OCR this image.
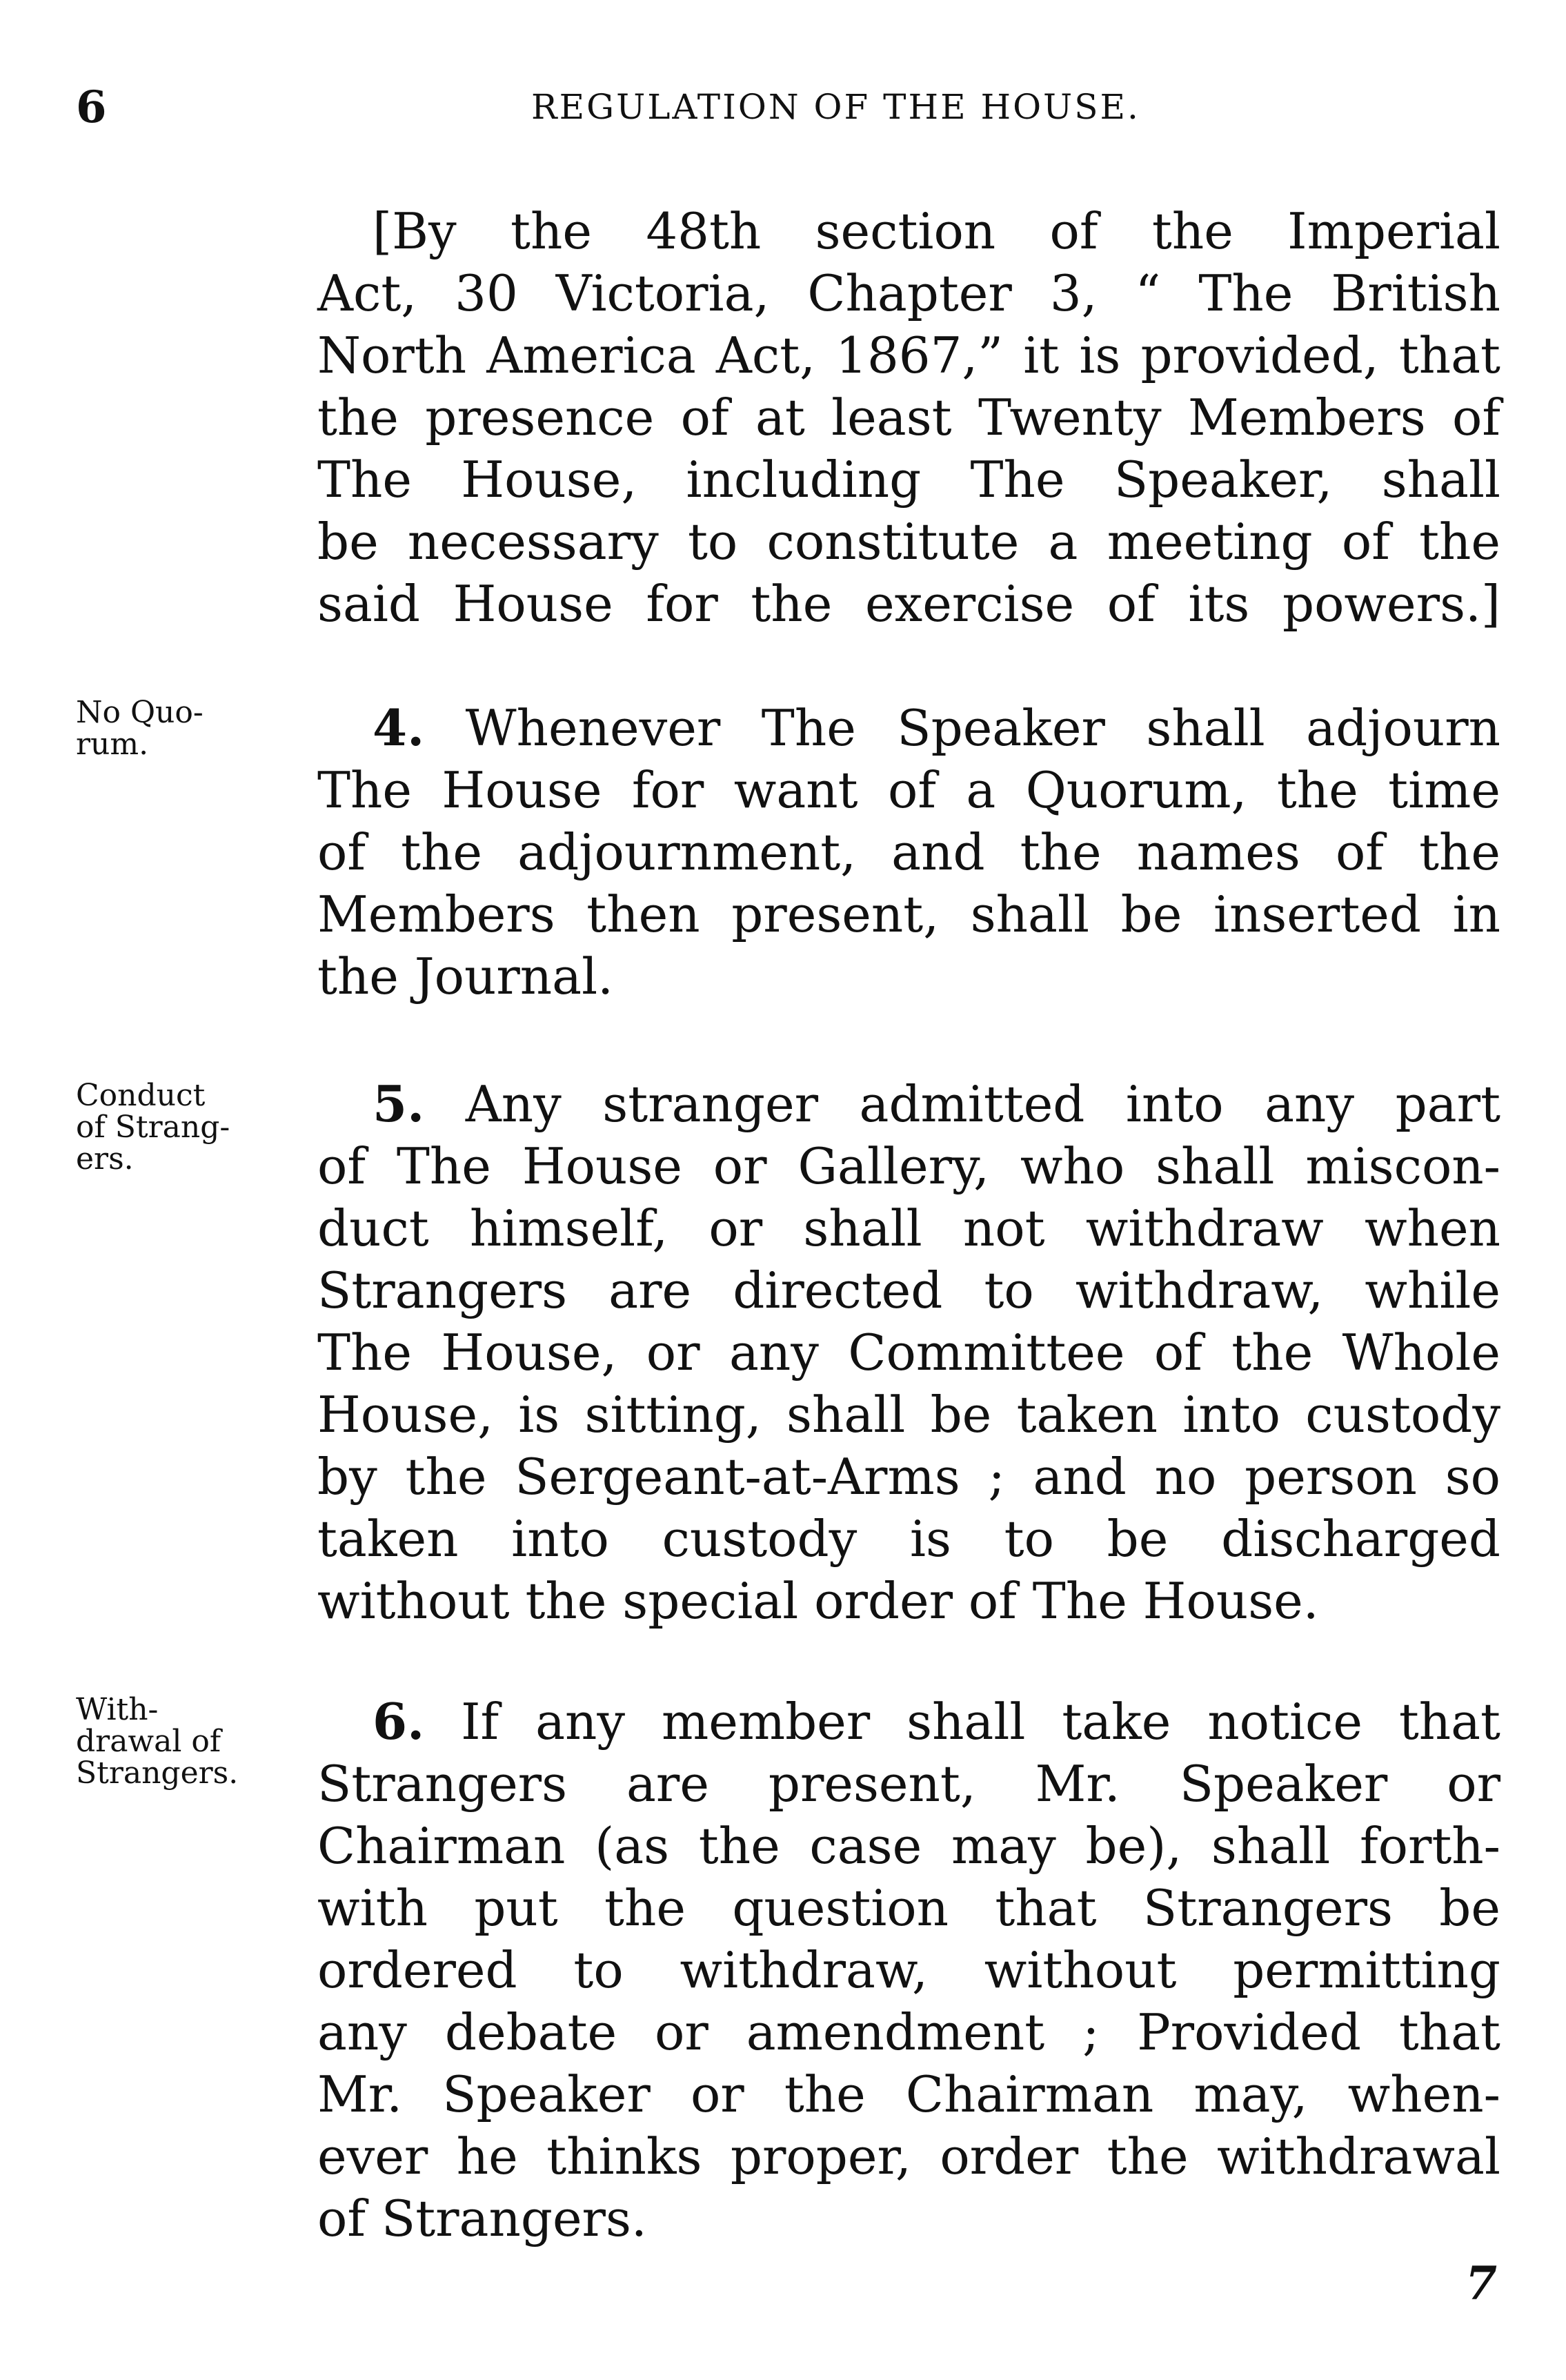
6	REGULATION OF THE HOUSE.
[By the 48th section of the Imperial
Act, 30 Victoria, Chapter 3, “ The British
North America Act, 1867,” it is provided, that
the presence of at least Twenty Members of
The House, including The Speaker, shall
be necessary to constitute a meeting of the
said House for the exercise of its powers.]
No Quo-
rum.	4. Whenever The Speaker shall adjourn
The House for want of a Quorum, the time
of the adjournment, and the names of the
Members then present, shall be inserted in
the Journal.
Conduct
of Strang-
ers.
5. Any stranger admitted into any part
of The House or Gallery, who shall miscon-
duct himself, or shall not withdraw when
Strangers are directed to withdraw, while
The House, or any Committee of the Whole
House, is sitting, shall be taken into custody
by the Sergeant-at-Arms ; and no person so
taken into custody is to be discharged
without the special order of The House.
With-
drawal of
Strangers.
6. If any member shall take notice that
Strangers are present, Mr. Speaker or
Chairman (as the case may be), shall forth-
with put the question that Strangers be
ordered to withdraw, without permitting
any debate or amendment ; Provided that
Mr. Speaker or the Chairman may, when-
ever he thinks proper, order the withdrawal
of Strangers.
7
